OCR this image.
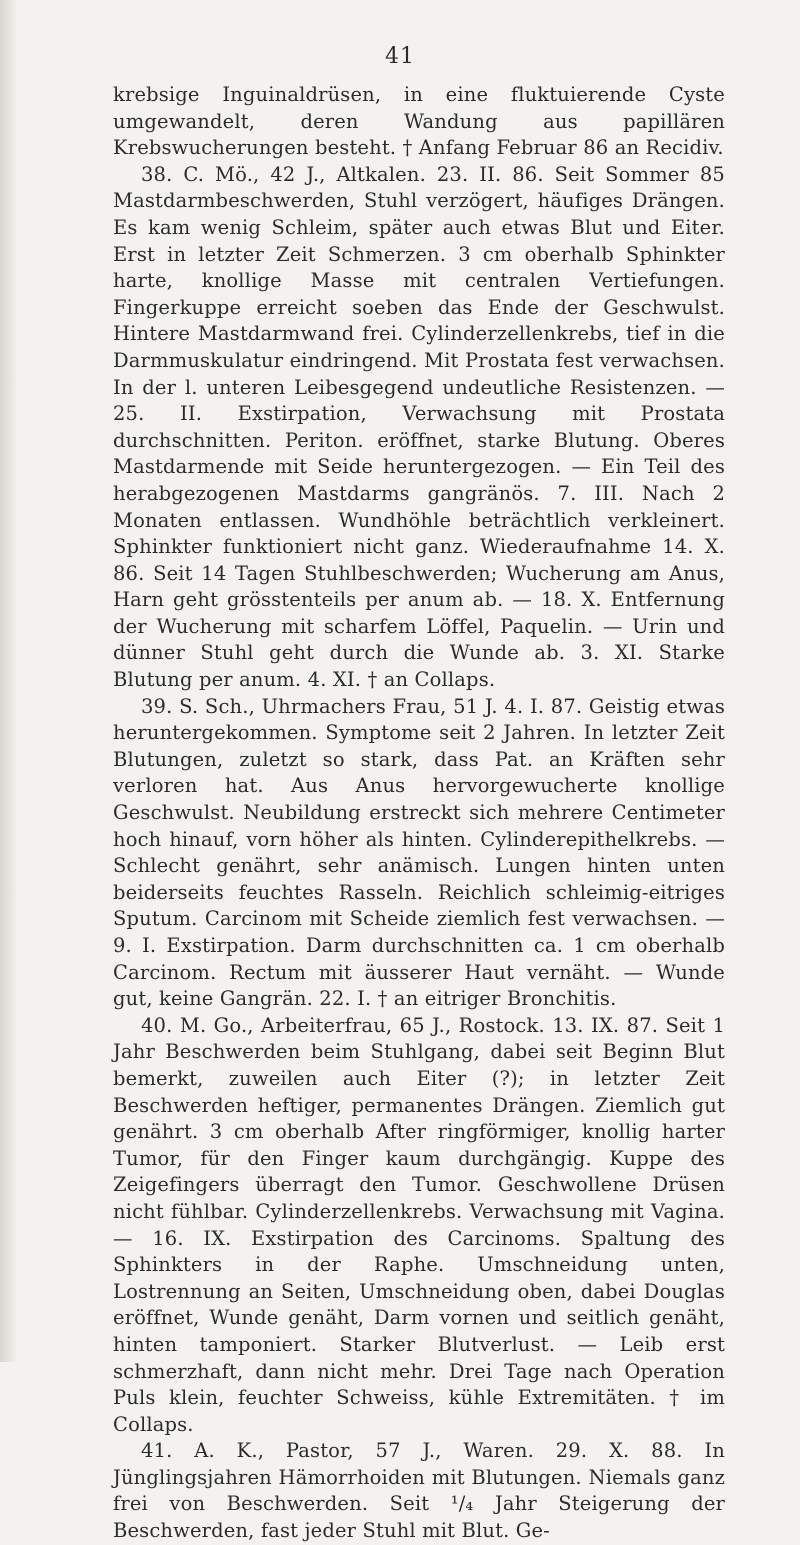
41

krebsige Inguinaldrüsen, in eine fluktuierende Cyste umgewandelt, deren Wandung aus papillären Krebswucherungen besteht. † Anfang Februar 86 an Recidiv.

38. C. Mö., 42 J., Altkalen. 23. II. 86. Seit Sommer 85 Mastdarmbeschwerden, Stuhl verzögert, häufiges Drängen. Es kam wenig Schleim, später auch etwas Blut und Eiter. Erst in letzter Zeit Schmerzen. 3 cm oberhalb Sphinkter harte, knollige Masse mit centralen Vertiefungen. Fingerkuppe erreicht soeben das Ende der Geschwulst. Hintere Mastdarmwand frei. Cylinderzellenkrebs, tief in die Darmmuskulatur eindringend. Mit Prostata fest verwachsen. In der l. unteren Leibesgegend undeutliche Resistenzen. — 25. II. Exstirpation, Verwachsung mit Prostata durchschnitten. Periton. eröffnet, starke Blutung. Oberes Mastdarmende mit Seide heruntergezogen. — Ein Teil des herabgezogenen Mastdarms gangränös. 7. III. Nach 2 Monaten entlassen. Wundhöhle beträchtlich verkleinert. Sphinkter funktioniert nicht ganz. Wiederaufnahme 14. X. 86. Seit 14 Tagen Stuhlbeschwerden; Wucherung am Anus, Harn geht grösstenteils per anum ab. — 18. X. Entfernung der Wucherung mit scharfem Löffel, Paquelin. — Urin und dünner Stuhl geht durch die Wunde ab. 3. XI. Starke Blutung per anum. 4. XI. † an Collaps.

39. S. Sch., Uhrmachers Frau, 51 J. 4. I. 87. Geistig etwas heruntergekommen. Symptome seit 2 Jahren. In letzter Zeit Blutungen, zuletzt so stark, dass Pat. an Kräften sehr verloren hat. Aus Anus hervorgewucherte knollige Geschwulst. Neubildung erstreckt sich mehrere Centimeter hoch hinauf, vorn höher als hinten. Cylinderepithelkrebs. — Schlecht genährt, sehr anämisch. Lungen hinten unten beiderseits feuchtes Rasseln. Reichlich schleimig-eitriges Sputum. Carcinom mit Scheide ziemlich fest verwachsen. — 9. I. Exstirpation. Darm durchschnitten ca. 1 cm oberhalb Carcinom. Rectum mit äusserer Haut vernäht. — Wunde gut, keine Gangrän. 22. I. † an eitriger Bronchitis.

40. M. Go., Arbeiterfrau, 65 J., Rostock. 13. IX. 87. Seit 1 Jahr Beschwerden beim Stuhlgang, dabei seit Beginn Blut bemerkt, zuweilen auch Eiter (?); in letzter Zeit Beschwerden heftiger, permanentes Drängen. Ziemlich gut genährt. 3 cm oberhalb After ringförmiger, knollig harter Tumor, für den Finger kaum durchgängig. Kuppe des Zeigefingers überragt den Tumor. Geschwollene Drüsen nicht fühlbar. Cylinderzellenkrebs. Verwachsung mit Vagina. — 16. IX. Exstirpation des Carcinoms. Spaltung des Sphinkters in der Raphe. Umschneidung unten, Lostrennung an Seiten, Umschneidung oben, dabei Douglas eröffnet, Wunde genäht, Darm vornen und seitlich genäht, hinten tamponiert. Starker Blutverlust. — Leib erst schmerzhaft, dann nicht mehr. Drei Tage nach Operation Puls klein, feuchter Schweiss, kühle Extremitäten. † im Collaps.

41. A. K., Pastor, 57 J., Waren. 29. X. 88. In Jünglingsjahren Hämorrhoiden mit Blutungen. Niemals ganz frei von Beschwerden. Seit ¹/₄ Jahr Steigerung der Beschwerden, fast jeder Stuhl mit Blut. Ge-
